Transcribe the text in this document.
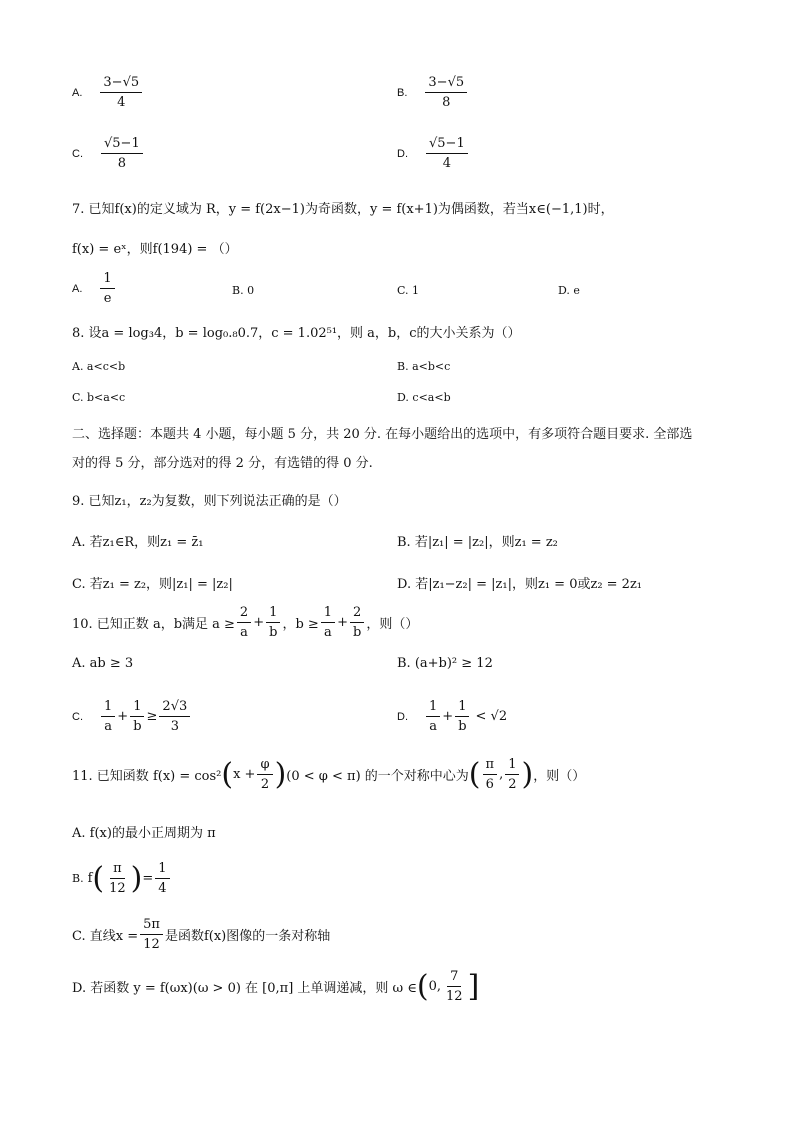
A. $\frac{3-√5}{4}$	B. $\frac{3-√5}{8}$
C. $\frac{√5-1}{8}$	D. $\frac{√5-1}{4}$
7. 已知f(x)的定义域为 R，y = f(2x−1)为奇函数，y = f(x+1)为偶函数，若当x∈(−1,1)时，
f(x) = eˣ，则f(194) = （）
A. $\frac{1}{e}$	B. 0	C. 1	D. e
8. 设a = log₃4，b = log₀.₈0.7，c = 1.02⁵¹，则 a，b，c的大小关系为（）
A. a<c<b	B. a<b<c
C. b<a<c	D. c<a<b
二、选择题：本题共 4 小题，每小题 5 分，共 20 分. 在每小题给出的选项中，有多项符合题目要求. 全部选
对的得 5 分，部分选对的得 2 分，有选错的得 0 分.
9. 已知z₁，z₂为复数，则下列说法正确的是（）
A. 若z₁∈R，则z₁ = z̄₁	B. 若|z₁| = |z₂|，则z₁ = z₂
C. 若z₁ = z₂，则|z₁| = |z₂|	D. 若|z₁−z₂| = |z₁|，则z₁ = 0或z₂ = 2z₁
10. 已知正数 a，b满足 $a \ge \frac{2}{a} + \frac{1}{b}$ ，$b \ge \frac{1}{a} + \frac{2}{b}$ ，则（）
A. ab ≥ 3	B. (a+b)² ≥ 12
C. $\frac{1}{a} + \frac{1}{b} \ge \frac{2√3}{3}$	D. $\frac{1}{a} + \frac{1}{b} < √2$
11. 已知函数 f(x) = cos² ( $x + \frac{\varphi}{2}$ ) (0 < φ < π) 的一个对称中心为 ( $\frac{\pi}{6}$ , $\frac{1}{2}$ ) ，则（）
A. f(x)的最小正周期为 π
B. f ( $\frac{\pi}{12}$ ) = $\frac{1}{4}$
C. 直线$x = \frac{5\pi}{12}$ 是函数f(x)图像的一条对称轴
D. 若函数 y = f(ωx)(ω > 0) 在 [0,π] 上单调递减，则 ω ∈ ( 0, $\frac{7}{12}$ ]
